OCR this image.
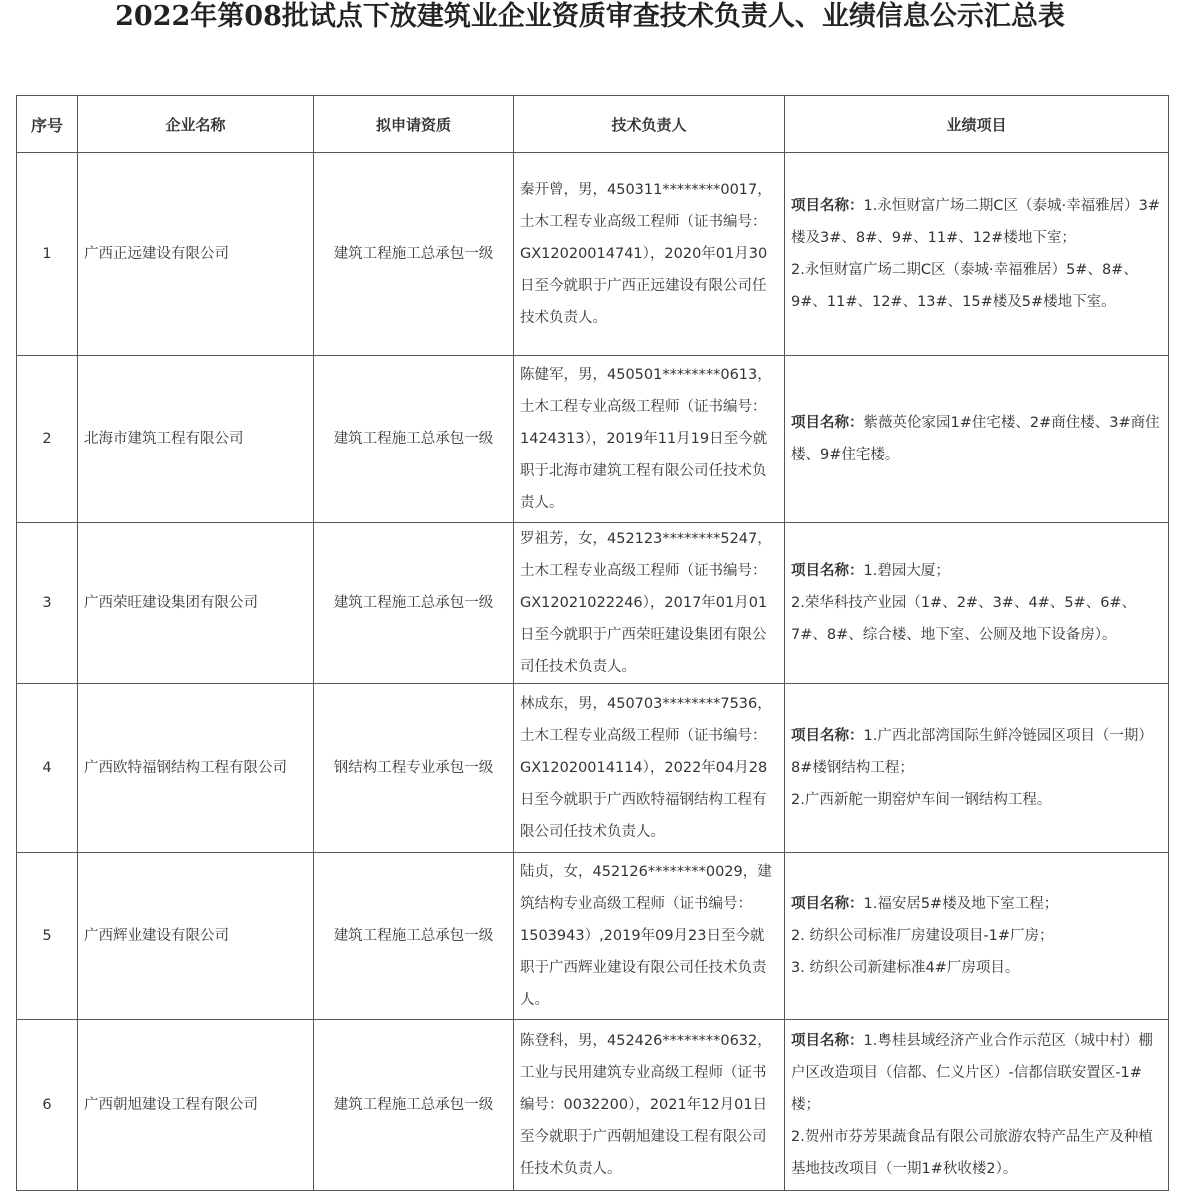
2022年第08批试点下放建筑业企业资质审查技术负责人、业绩信息公示汇总表
序号	企业名称	拟申请资质	技术负责人	业绩项目
1	广西正远建设有限公司	建筑工程施工总承包一级	秦开曾，男，450311********0017，土木工程专业高级工程师（证书编号：GX12020014741），2020年01月30日至今就职于广西正远建设有限公司任技术负责人。	项目名称：1.永恒财富广场二期C区（泰城·幸福雅居）3#楼及3#、8#、9#、11#、12#楼地下室；
2.永恒财富广场二期C区（泰城·幸福雅居）5#、8#、9#、11#、12#、13#、15#楼及5#楼地下室。

2	北海市建筑工程有限公司	建筑工程施工总承包一级	陈健军，男，450501********0613，土木工程专业高级工程师（证书编号：1424313），2019年11月19日至今就职于北海市建筑工程有限公司任技术负责人。	项目名称：紫薇英伦家园1#住宅楼、2#商住楼、3#商住楼、9#住宅楼。

3	广西荣旺建设集团有限公司	建筑工程施工总承包一级	罗祖芳，女，452123********5247，土木工程专业高级工程师（证书编号：GX12021022246），2017年01月01日至今就职于广西荣旺建设集团有限公司任技术负责人。	项目名称：1.碧园大厦；
2.荣华科技产业园（1#、2#、3#、4#、5#、6#、7#、8#、综合楼、地下室、公厕及地下设备房）。

4	广西欧特福钢结构工程有限公司	钢结构工程专业承包一级	林成东，男，450703********7536，土木工程专业高级工程师（证书编号：GX12020014114），2022年04月28日至今就职于广西欧特福钢结构工程有限公司任技术负责人。	项目名称：1.广西北部湾国际生鲜冷链园区项目（一期）8#楼钢结构工程；
2.广西新舵一期窑炉车间一钢结构工程。

5	广西辉业建设有限公司	建筑工程施工总承包一级	陆贞，女，452126********0029，建筑结构专业高级工程师（证书编号：1503943）,2019年09月23日至今就职于广西辉业建设有限公司任技术负责人。	项目名称：1.福安居5#楼及地下室工程；
2. 纺织公司标准厂房建设项目-1#厂房；
3. 纺织公司新建标准4#厂房项目。

6	广西朝旭建设工程有限公司	建筑工程施工总承包一级	陈登科，男，452426********0632，工业与民用建筑专业高级工程师（证书编号：0032200），2021年12月01日至今就职于广西朝旭建设工程有限公司任技术负责人。	项目名称：1.粤桂县域经济产业合作示范区（城中村）棚户区改造项目（信都、仁义片区）-信都信联安置区-1#楼；
2.贺州市芬芳果蔬食品有限公司旅游农特产品生产及种植基地技改项目（一期1#秋收楼2）。
